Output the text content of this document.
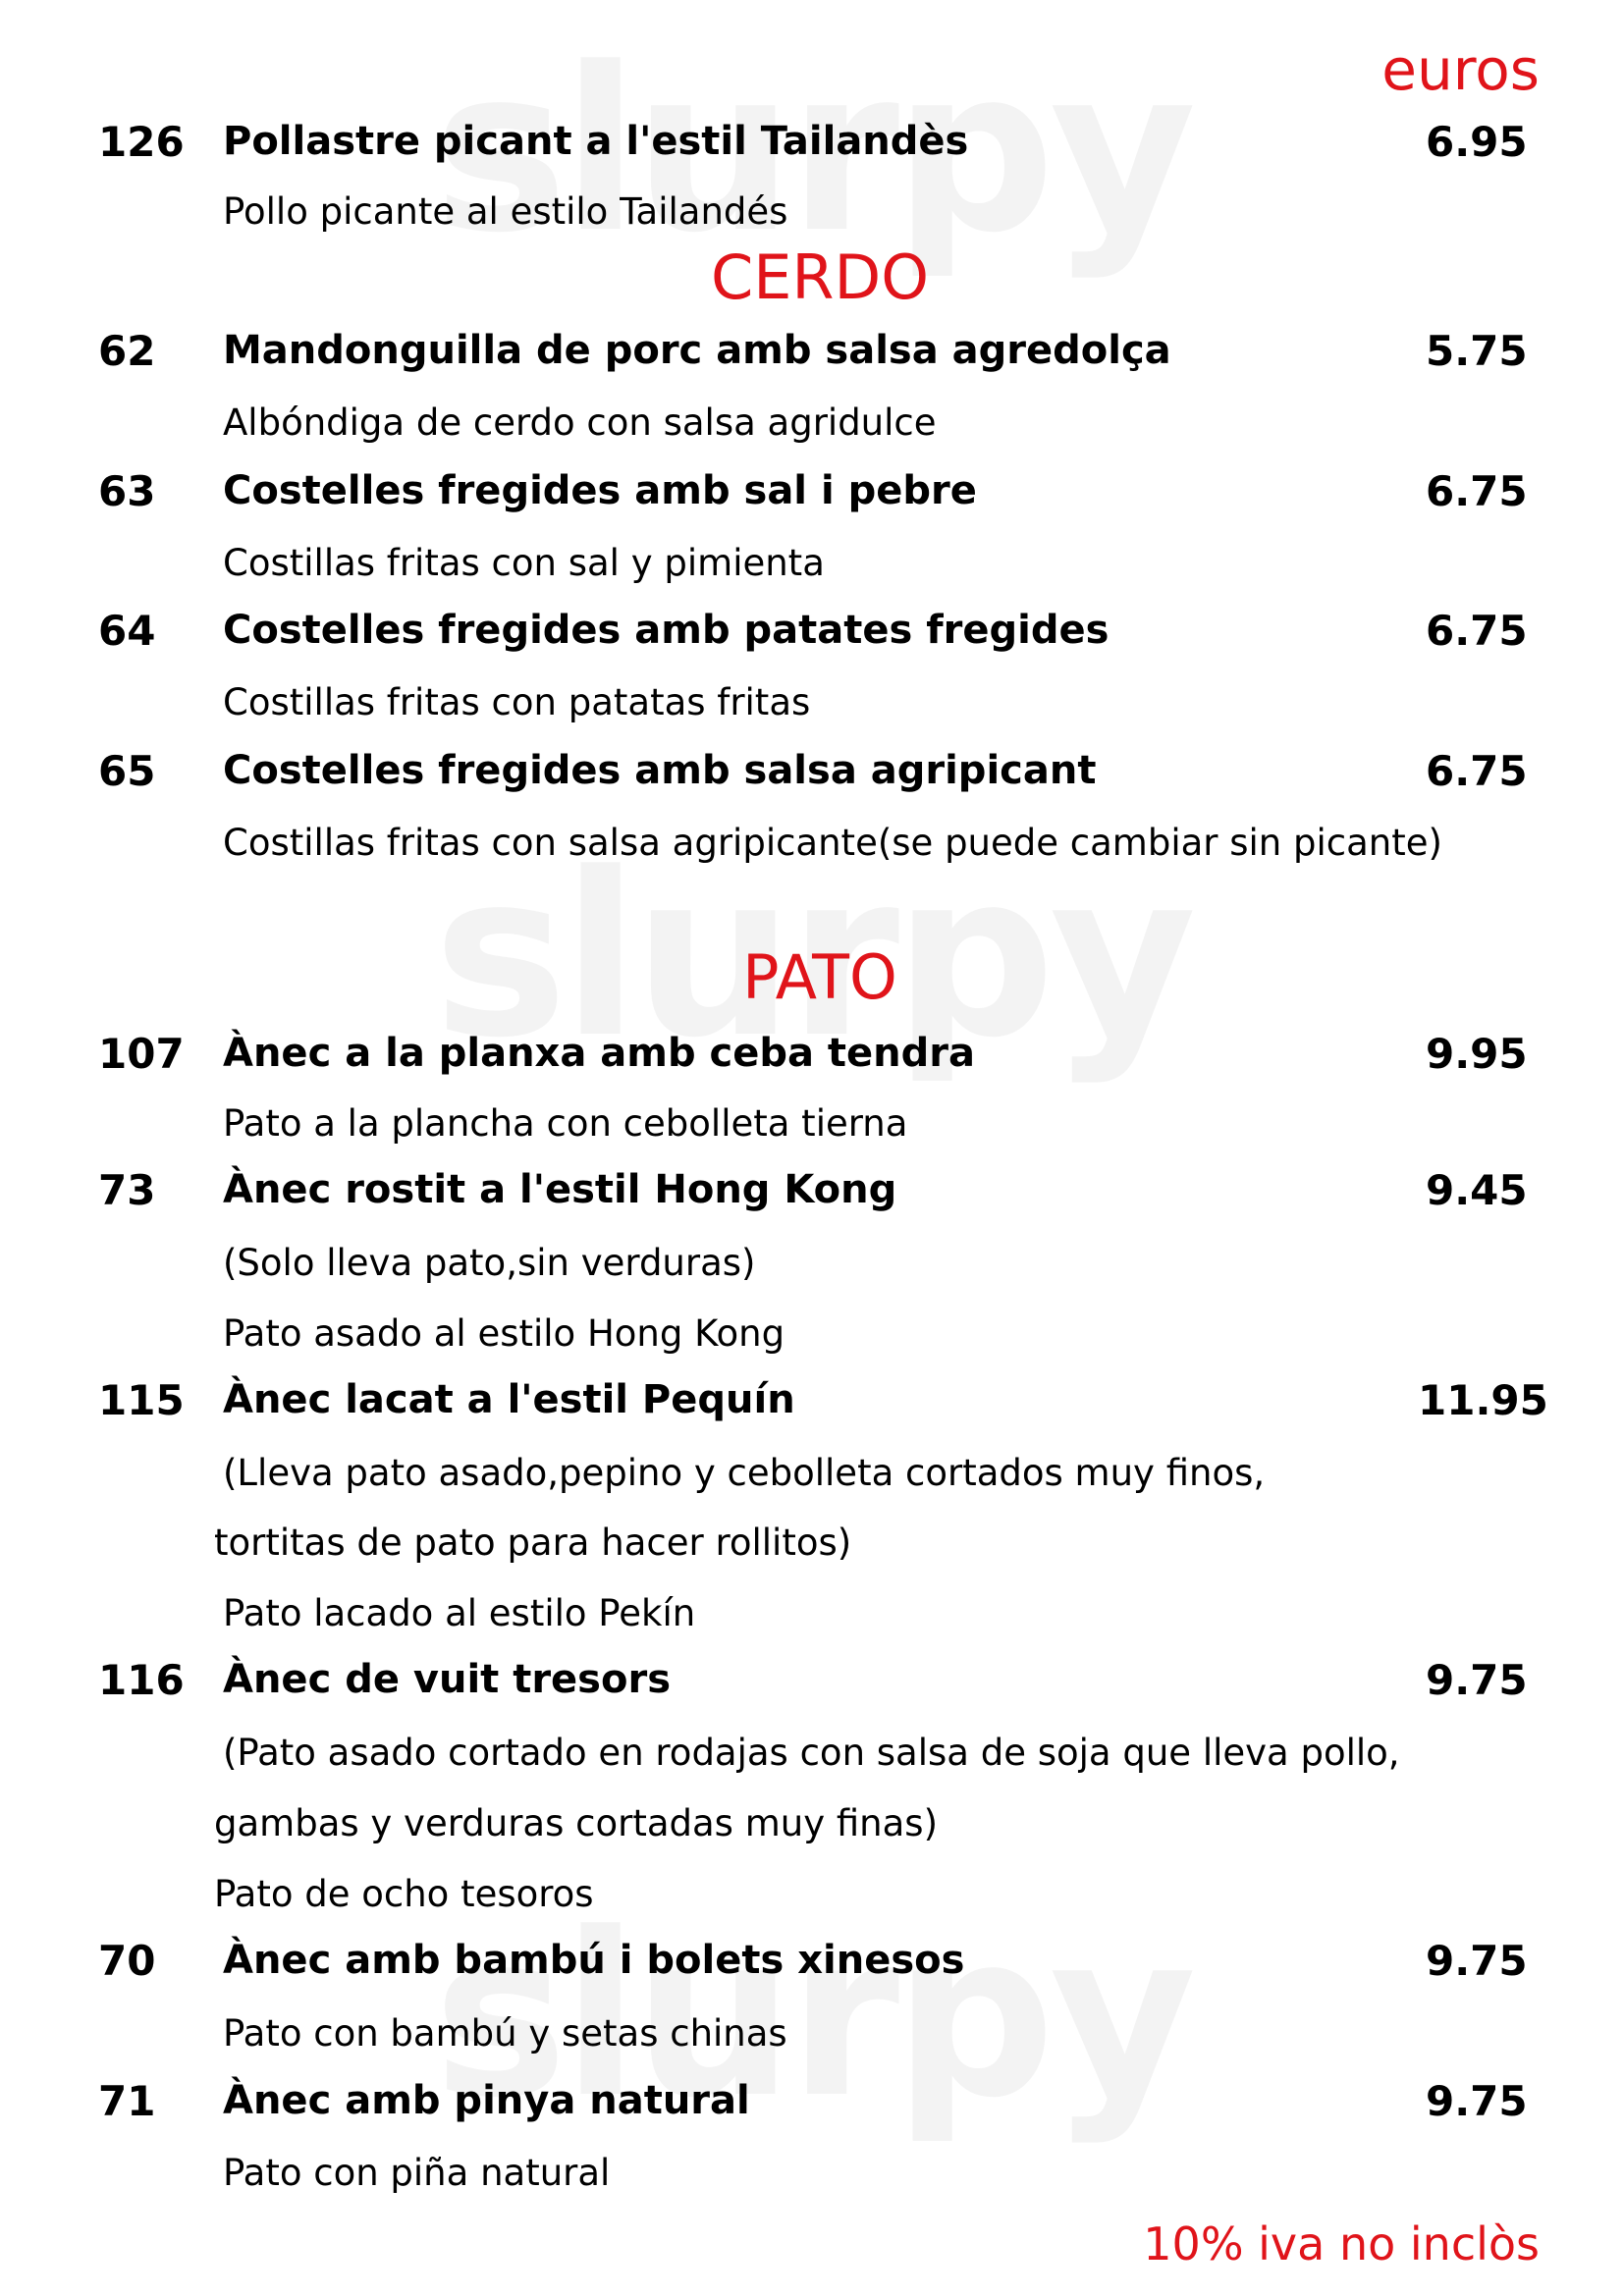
euros
126 Pollastre picant a l'estil Tailandès	6.95
Pollo picante al estilo Tailandés
CERDO
62 Mandonguilla de porc amb salsa agredolça	5.75
Albóndiga de cerdo con salsa agridulce
63 Costelles fregides amb sal i pebre	6.75
Costillas fritas con sal y pimienta
64 Costelles fregides amb patates fregides	6.75
Costillas fritas con patatas fritas
65 Costelles fregides amb salsa agripicant	6.75
Costillas fritas con salsa agripicante(se puede cambiar sin picante)
PATO
107 Ànec a la planxa amb ceba tendra	9.95
Pato a la plancha con cebolleta tierna
73 Ànec rostit a l'estil Hong Kong	9.45
(Solo lleva pato,sin verduras)
Pato asado al estilo Hong Kong
115 Ànec lacat a l'estil Pequín	11.95
(Lleva pato asado,pepino y cebolleta cortados muy finos,
tortitas de pato para hacer rollitos)
Pato lacado al estilo Pekín
116 Ànec de vuit tresors	9.75
(Pato asado cortado en rodajas con salsa de soja que lleva pollo,
gambas y verduras cortadas muy finas)
Pato de ocho tesoros
70 Ànec amb bambú i bolets xinesos	9.75
Pato con bambú y setas chinas
71 Ànec amb pinya natural	9.75
Pato con piña natural
10% iva no inclòs
